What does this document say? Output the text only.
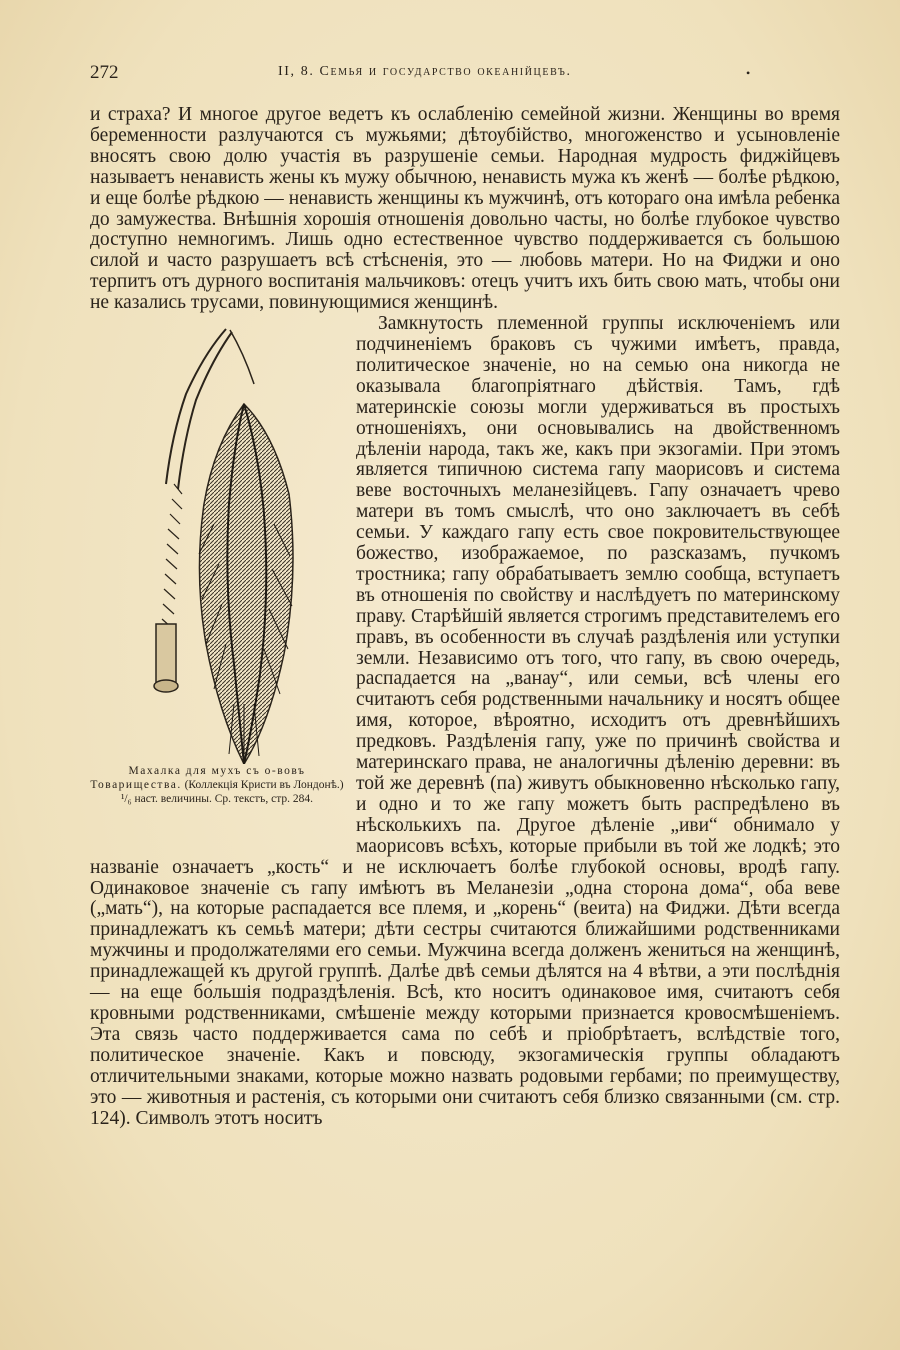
272	II, 8. Семья и государство океанійцевъ.	•

и страха? И многое другое ведетъ къ ослабленію семейной жизни. Женщины во время беременности разлучаются съ мужьями; дѣтоубійство, многоженство и усыновленіе вносятъ свою долю участія въ разрушеніе семьи. Народная мудрость фиджійцевъ называетъ ненависть жены къ мужу обычною, ненависть мужа къ женѣ — болѣе рѣдкою, и еще болѣе рѣдкою — ненависть женщины къ мужчинѣ, отъ котораго она имѣла ребенка до замужества. Внѣшнія хорошія отношенія довольно часты, но болѣе глубокое чувство доступно немногимъ. Лишь одно естественное чувство поддерживается съ большою силой и часто разрушаетъ всѣ стѣсненія, это — любовь матери. Но на Фиджи и оно терпитъ отъ дурного воспитанія мальчиковъ: отецъ учитъ ихъ бить свою мать, чтобы они не казались трусами, повинующимися женщинѣ.

Махалка для мухъ съ о-вовъ Товарищества. (Коллекція Кристи въ Лондонѣ.) ¹/₆ наст. величины. Ср. текстъ, стр. 284.

Замкнутость племенной группы исключеніемъ или подчиненіемъ браковъ съ чужими имѣетъ, правда, политическое значеніе, но на семью она никогда не оказывала благопріятнаго дѣйствія. Тамъ, гдѣ материнскіе союзы могли удерживаться въ простыхъ отношеніяхъ, они основывались на двойственномъ дѣленіи народа, такъ же, какъ при экзогаміи. При этомъ является типичною система гапу маорисовъ и система веве восточныхъ меланезійцевъ. Гапу означаетъ чрево матери въ томъ смыслѣ, что оно заключаетъ въ себѣ семьи. У каждаго гапу есть свое покровительствующее божество, изображаемое, по разсказамъ, пучкомъ тростника; гапу обрабатываетъ землю сообща, вступаетъ въ отношенія по свойству и наслѣдуетъ по материнскому праву. Старѣйшій является строгимъ представителемъ его правъ, въ особенности въ случаѣ раздѣленія или уступки земли. Независимо отъ того, что гапу, въ свою очередь, распадается на „ванау“, или семьи, всѣ члены его считаютъ себя родственными начальнику и носятъ общее имя, которое, вѣроятно, исходитъ отъ древнѣйшихъ предковъ. Раздѣленія гапу, уже по причинѣ свойства и материнскаго права, не аналогичны дѣленію деревни: въ той же деревнѣ (па) живутъ обыкновенно нѣсколько гапу, и одно и то же гапу можетъ быть распредѣлено въ нѣсколькихъ па. Другое дѣленіе „иви“ обнимало у маорисовъ всѣхъ, которые прибыли въ той же лодкѣ; это названіе означаетъ „кость“ и не исключаетъ болѣе глубокой основы, вродѣ гапу. Одинаковое значеніе съ гапу имѣютъ въ Меланезіи „одна сторона дома“, оба веве („мать“), на которые распадается все племя, и „корень“ (веита) на Фиджи. Дѣти всегда принадлежатъ къ семьѣ матери; дѣти сестры считаются ближайшими родственниками мужчины и продолжателями его семьи. Мужчина всегда долженъ жениться на женщинѣ, принадлежащей къ другой группѣ. Далѣе двѣ семьи дѣлятся на 4 вѣтви, а эти послѣднія — на еще бо́льшія подраздѣленія. Всѣ, кто носитъ одинаковое имя, считаютъ себя кровными родственниками, смѣшеніе между которыми признается кровосмѣшеніемъ. Эта связь часто поддерживается сама по себѣ и пріобрѣтаетъ, вслѣдствіе того, политическое значеніе. Какъ и повсюду, экзогамическія группы обладаютъ отличительными знаками, которые можно назвать родовыми гербами; по преимуществу, это — животныя и растенія, съ которыми они считаютъ себя близко связанными (см. стр. 124). Символъ этотъ носитъ
